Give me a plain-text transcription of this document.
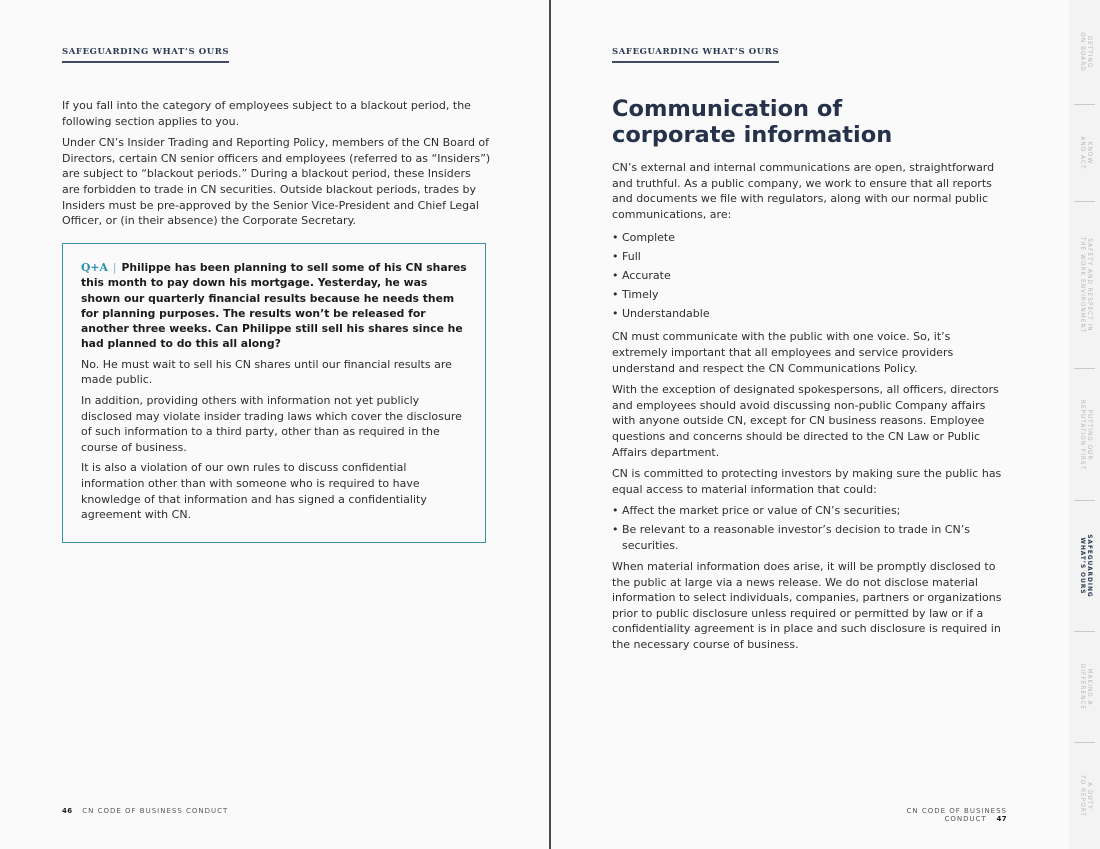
SAFEGUARDING WHAT’S OURS

If you fall into the category of employees subject to a blackout period, the following section applies to you.

Under CN’s Insider Trading and Reporting Policy, members of the CN Board of Directors, certain CN senior officers and employees (referred to as “Insiders”) are subject to “blackout periods.” During a blackout period, these Insiders are forbidden to trade in CN securities. Outside blackout periods, trades by Insiders must be pre-approved by the Senior Vice-President and Chief Legal Officer, or (in their absence) the Corporate Secretary.

Q+A | Philippe has been planning to sell some of his CN shares this month to pay down his mortgage. Yesterday, he was shown our quarterly financial results because he needs them for planning purposes. The results won’t be released for another three weeks. Can Philippe still sell his shares since he had planned to do this all along?

No. He must wait to sell his CN shares until our financial results are made public.

In addition, providing others with information not yet publicly disclosed may violate insider trading laws which cover the disclosure of such information to a third party, other than as required in the course of business.

It is also a violation of our own rules to discuss confidential information other than with someone who is required to have knowledge of that information and has signed a confidentiality agreement with CN.

46 CN CODE OF BUSINESS CONDUCT
SAFEGUARDING WHAT’S OURS
Communication of
corporate information

CN’s external and internal communications are open, straightforward and truthful. As a public company, we work to ensure that all reports and documents we file with regulators, along with our normal public communications, are:

• Complete
• Full
• Accurate
• Timely
• Understandable

CN must communicate with the public with one voice. So, it’s extremely important that all employees and service providers understand and respect the CN Communications Policy.

With the exception of designated spokespersons, all officers, directors and employees should avoid discussing non-public Company affairs with anyone outside CN, except for CN business reasons. Employee questions and concerns should be directed to the CN Law or Public Affairs department.

CN is committed to protecting investors by making sure the public has equal access to material information that could:

• Affect the market price or value of CN’s securities;
• Be relevant to a reasonable investor’s decision to trade in CN’s securities.

When material information does arise, it will be promptly disclosed to the public at large via a news release. We do not disclose material information to select individuals, companies, partners or organizations prior to public disclosure unless required or permitted by law or if a confidentiality agreement is in place and such disclosure is required in the necessary course of business.

CN CODE OF BUSINESS CONDUCT 47
GETTING
ON BOARD
KNOW
AND ACT
SAFETY AND RESPECT IN
THE WORK ENVIRONMENT
PUTTING OUR
REPUTATION FIRST
SAFEGUARDING
WHAT’S OURS
MAKING A
DIFFERENCE
A DUTY
TO REPORT
